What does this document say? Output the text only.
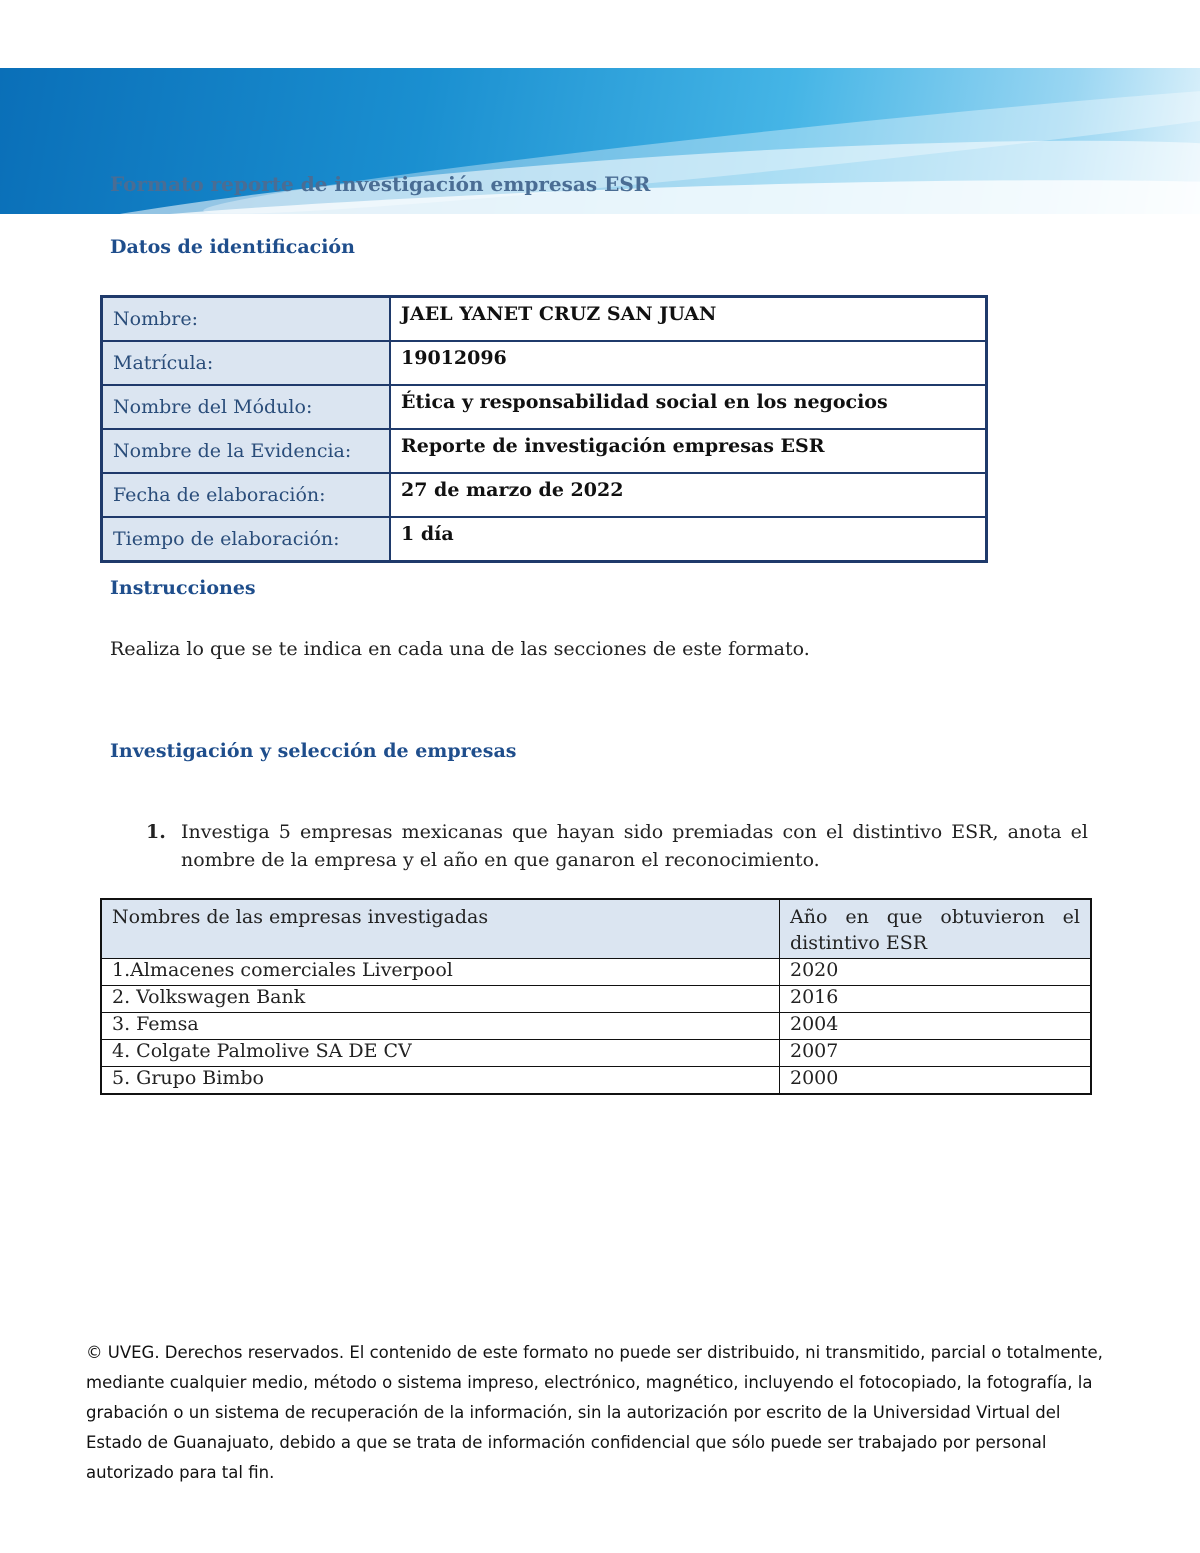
Formato reporte de investigación empresas ESR
Datos de identificación
Nombre:	JAEL YANET CRUZ SAN JUAN
Matrícula:	19012096
Nombre del Módulo:	Ética y responsabilidad social en los negocios
Nombre de la Evidencia:	Reporte de investigación empresas ESR
Fecha de elaboración:	27 de marzo de 2022
Tiempo de elaboración:	1 día
Instrucciones
Realiza lo que se te indica en cada una de las secciones de este formato.
Investigación y selección de empresas
1. Investiga 5 empresas mexicanas que hayan sido premiadas con el distintivo ESR, anota el nombre de la empresa y el año en que ganaron el reconocimiento.
Nombres de las empresas investigadas	Año en que obtuvieron el distintivo ESR
1.Almacenes comerciales Liverpool	2020
2. Volkswagen Bank	2016
3. Femsa	2004
4. Colgate Palmolive SA DE CV	2007
5. Grupo Bimbo	2000
© UVEG. Derechos reservados. El contenido de este formato no puede ser distribuido, ni transmitido, parcial o totalmente, mediante cualquier medio, método o sistema impreso, electrónico, magnético, incluyendo el fotocopiado, la fotografía, la grabación o un sistema de recuperación de la información, sin la autorización por escrito de la Universidad Virtual del Estado de Guanajuato, debido a que se trata de información confidencial que sólo puede ser trabajado por personal autorizado para tal fin.
